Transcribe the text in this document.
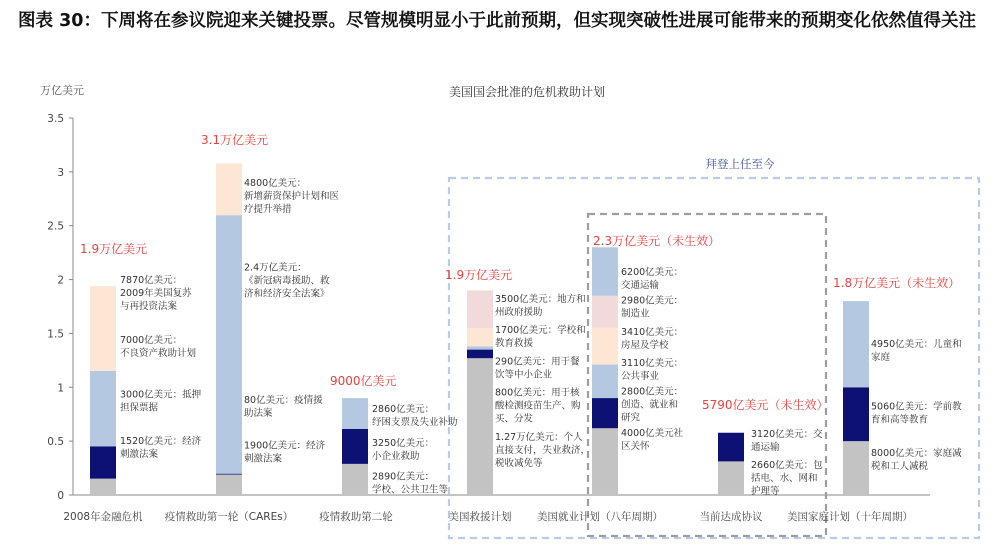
图表 30：下周将在参议院迎来关键投票。尽管规模明显小于此前预期，但实现突破性进展可能带来的预期变化依然值得关注
万亿美元	美国国会批准的危机救助计划
0
0.5
1
1.5
2
2.5
3
3.5
拜登上任至今
1.9万亿美元
2008年金融危机
7870亿美元：
2009年美国复苏
与再投资法案
7000亿美元：
不良资产救助计划
3000亿美元：抵押
担保票据
1520亿美元：经济
刺激法案
3.1万亿美元
疫情救助第一轮（CAREs）
4800亿美元：
新增薪资保护计划和医
疗提升举措
2.4万亿美元：
《新冠病毒援助、救
济和经济安全法案》
80亿美元：疫情援
助法案
1900亿美元：经济
刺激法案
9000亿美元
疫情救助第二轮
2860亿美元：
纾困支票及失业补助
3250亿美元：
小企业救助
2890亿美元：
学校、公共卫生等
1.9万亿美元
美国救援计划
3500亿美元：地方和
州政府援助
1700亿美元：学校和
教育救援
290亿美元：用于餐
饮等中小企业
800亿美元：用于核
酸检测疫苗生产、购
买、分发
1.27万亿美元：个人
直接支付，失业救济，
税收减免等
2.3万亿美元（未生效）
美国就业计划（八年周期）
6200亿美元：
交通运输
2980亿美元：
制造业
3410亿美元：
房屋及学校
3110亿美元：
公共事业
2800亿美元：
创造、就业和
研究
4000亿美元社
区关怀
5790亿美元（未生效）
当前达成协议
3120亿美元：交
通运输
2660亿美元：包
括电、水、网和
护理等
1.8万亿美元（未生效）
美国家庭计划（十年周期）
4950亿美元：儿童和
家庭
5060亿美元：学前教
育和高等教育
8000亿美元：家庭减
税和工人减税
